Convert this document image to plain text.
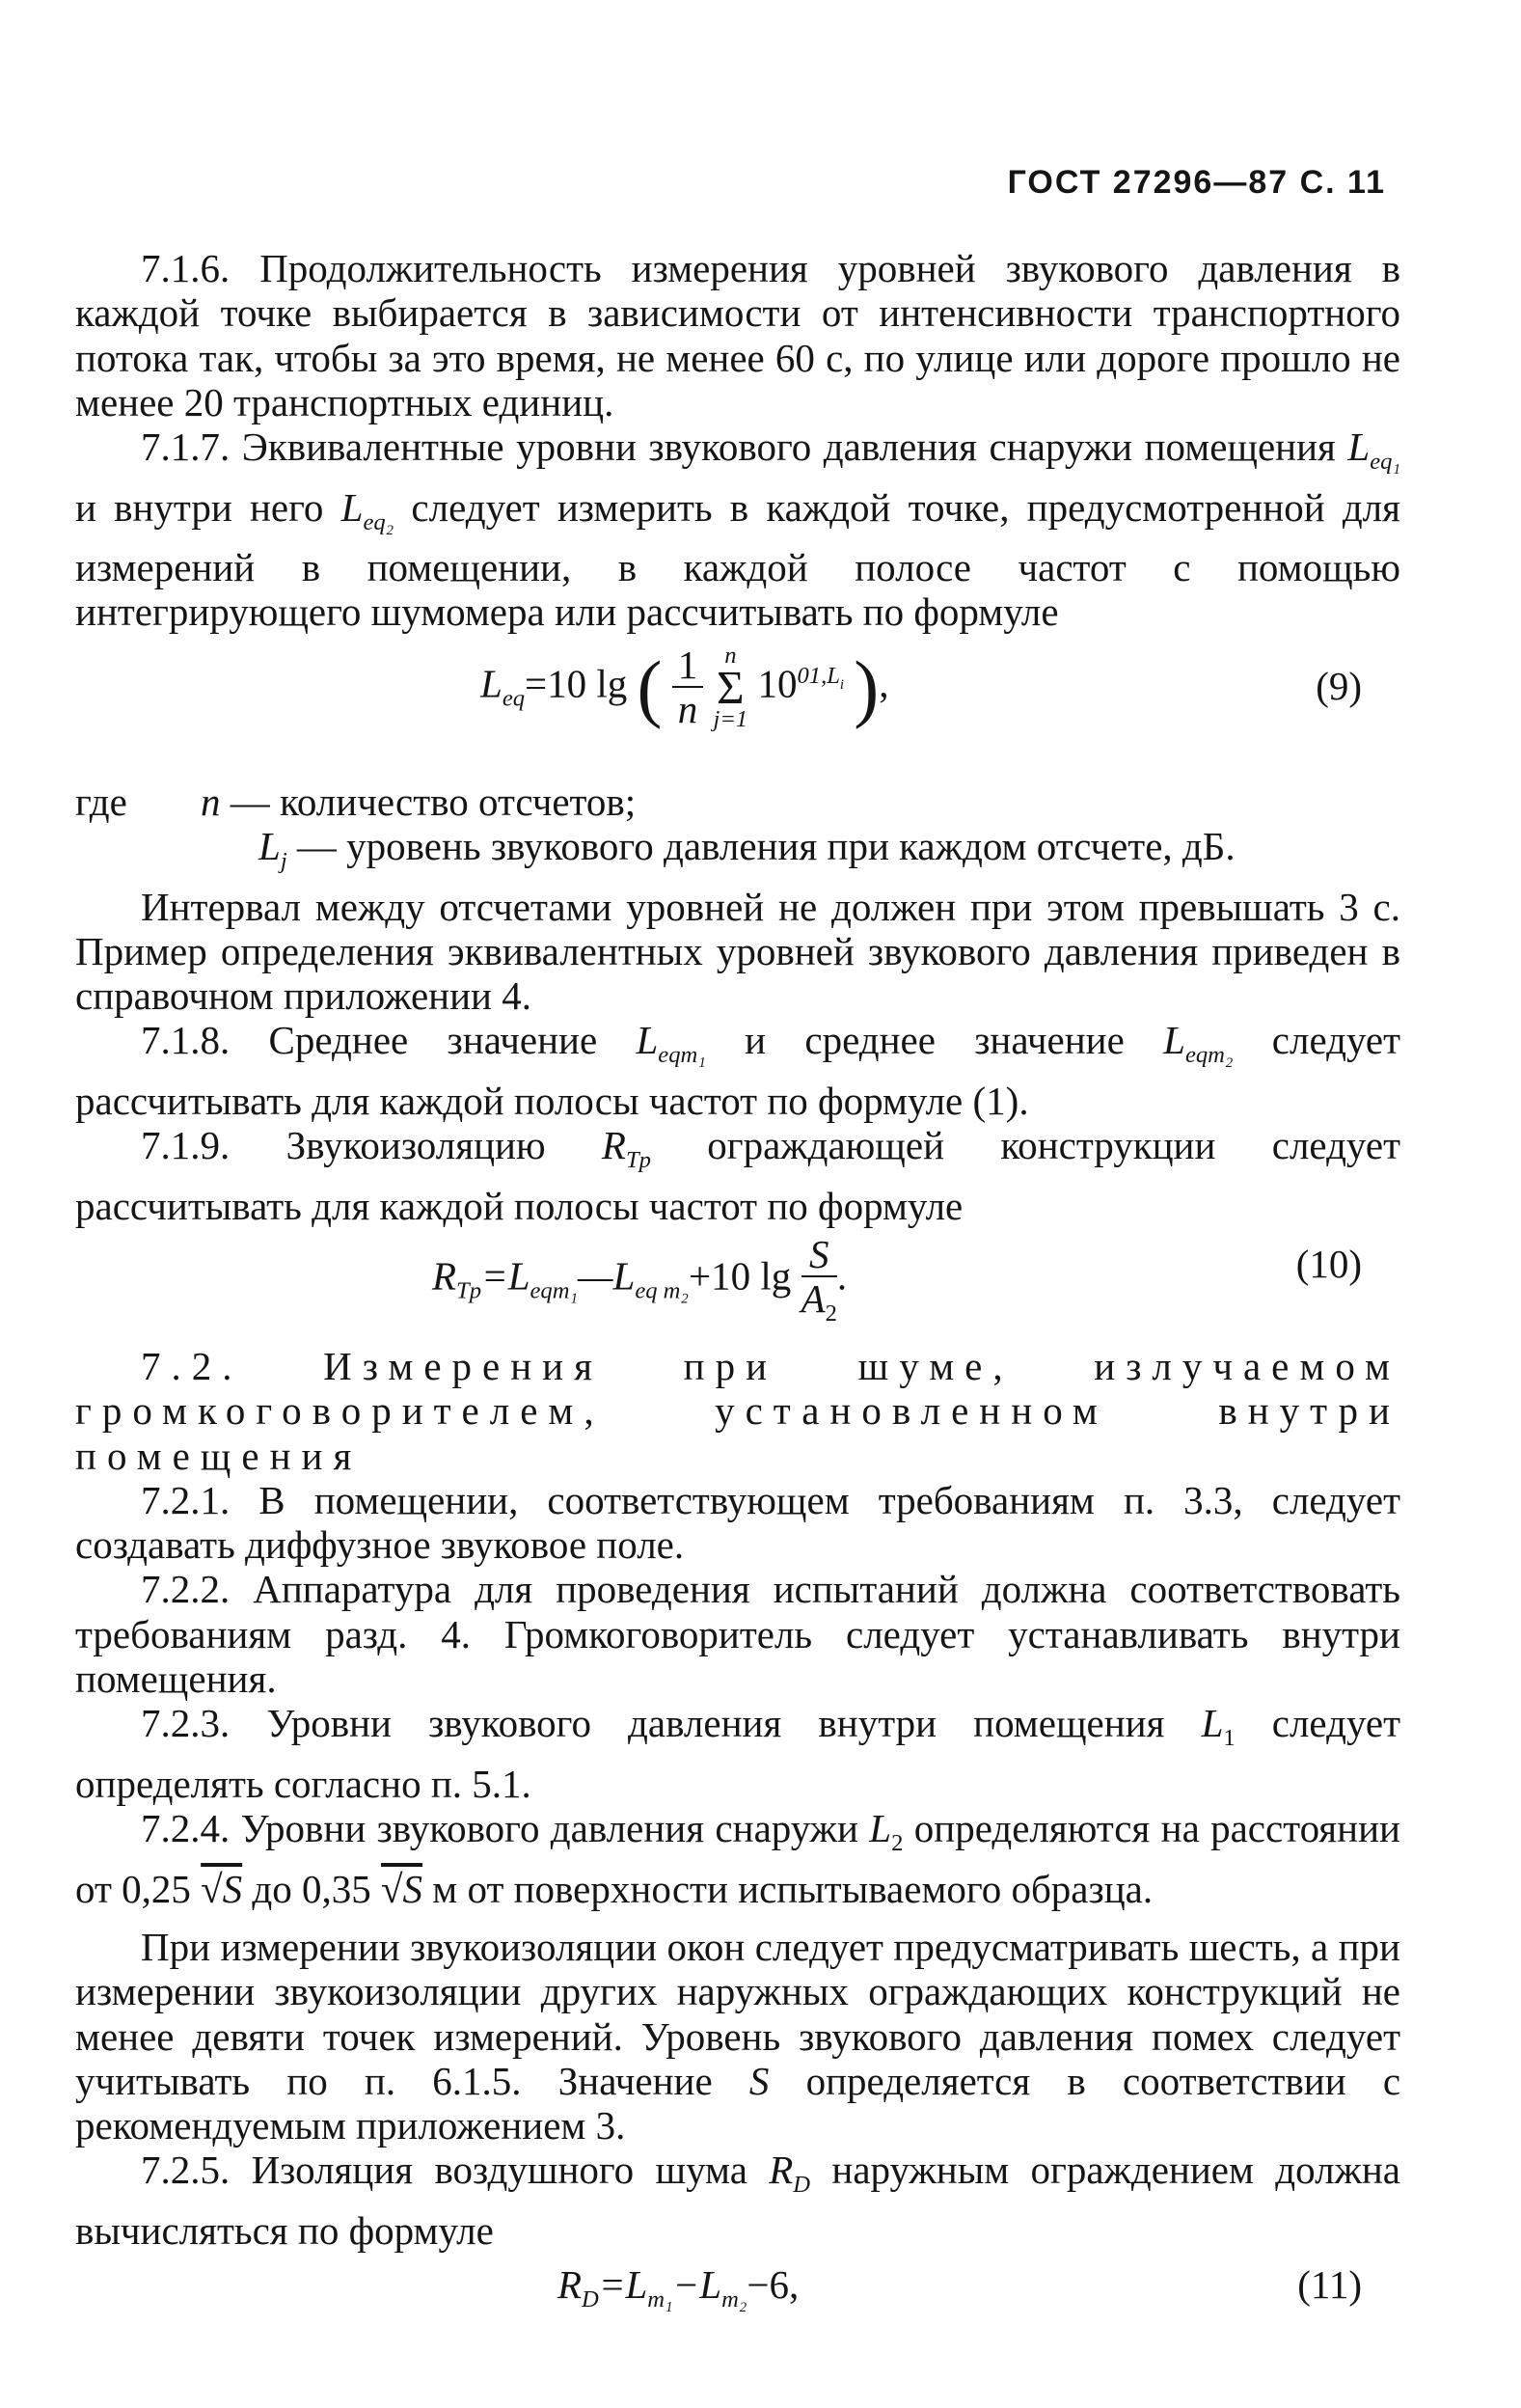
ГОСТ 27296—87 С. 11

7.1.6. Продолжительность измерения уровней звукового давления в каждой точке выбирается в зависимости от интенсивности транспортного потока так, чтобы за это время, не менее 60 с, по улице или дороге прошло не менее 20 транспортных единиц.

7.1.7. Эквивалентные уровни звукового давления снаружи помещения $L_{eq_1}$ и внутри него $L_{eq_2}$ следует измерить в каждой точке, предусмотренной для измерений в помещении, в каждой полосе частот с помощью интегрирующего шумомера или рассчитывать по формуле

$L_{eq}=10$ lg ( $\frac{1}{n}$
n
Σ
j=1
$10^{01,L_i}$ ),	(9)
где	n — количество отсчетов;
$L_j$ — уровень звукового давления при каждом отсчете, дБ.

Интервал между отсчетами уровней не должен при этом превышать 3 с. Пример определения эквивалентных уровней звукового давления приведен в справочном приложении 4.

7.1.8. Среднее значение $L_{eqm_1}$ и среднее значение $L_{eqm_2}$ следует рассчитывать для каждой полосы частот по формуле (1).

7.1.9. Звукоизоляцию $R_{Tp}$ ограждающей конструкции следует рассчитывать для каждой полосы частот по формуле

$R_{Tp}=L_{eqm_1}—L_{eq m_2}+10$ $\lg \frac{S}{A_2}$ .	(10)

7.2. Измерения при шуме, излучаемом громкоговорителем, установленном внутри помещения

7.2.1. В помещении, соответствующем требованиям п. 3.3, следует создавать диффузное звуковое поле.

7.2.2. Аппаратура для проведения испытаний должна соответствовать требованиям разд. 4. Громкоговоритель следует устанавливать внутри помещения.

7.2.3. Уровни звукового давления внутри помещения $L_1$ следует определять согласно п. 5.1.

7.2.4. Уровни звукового давления снаружи $L_2$ определяются на расстоянии от 0,25 √S до 0,35 √S м от поверхности испытываемого образца.

При измерении звукоизоляции окон следует предусматривать шесть, а при измерении звукоизоляции других наружных ограждающих конструкций не менее девяти точек измерений. Уровень звукового давления помех следует учитывать по п. 6.1.5. Значение S определяется в соответствии с рекомендуемым приложением 3.

7.2.5. Изоляция воздушного шума $R_D$ наружным ограждением должна вычисляться по формуле

$R_D=L_{m_1}-L_{m_2}-6$,	(11)
